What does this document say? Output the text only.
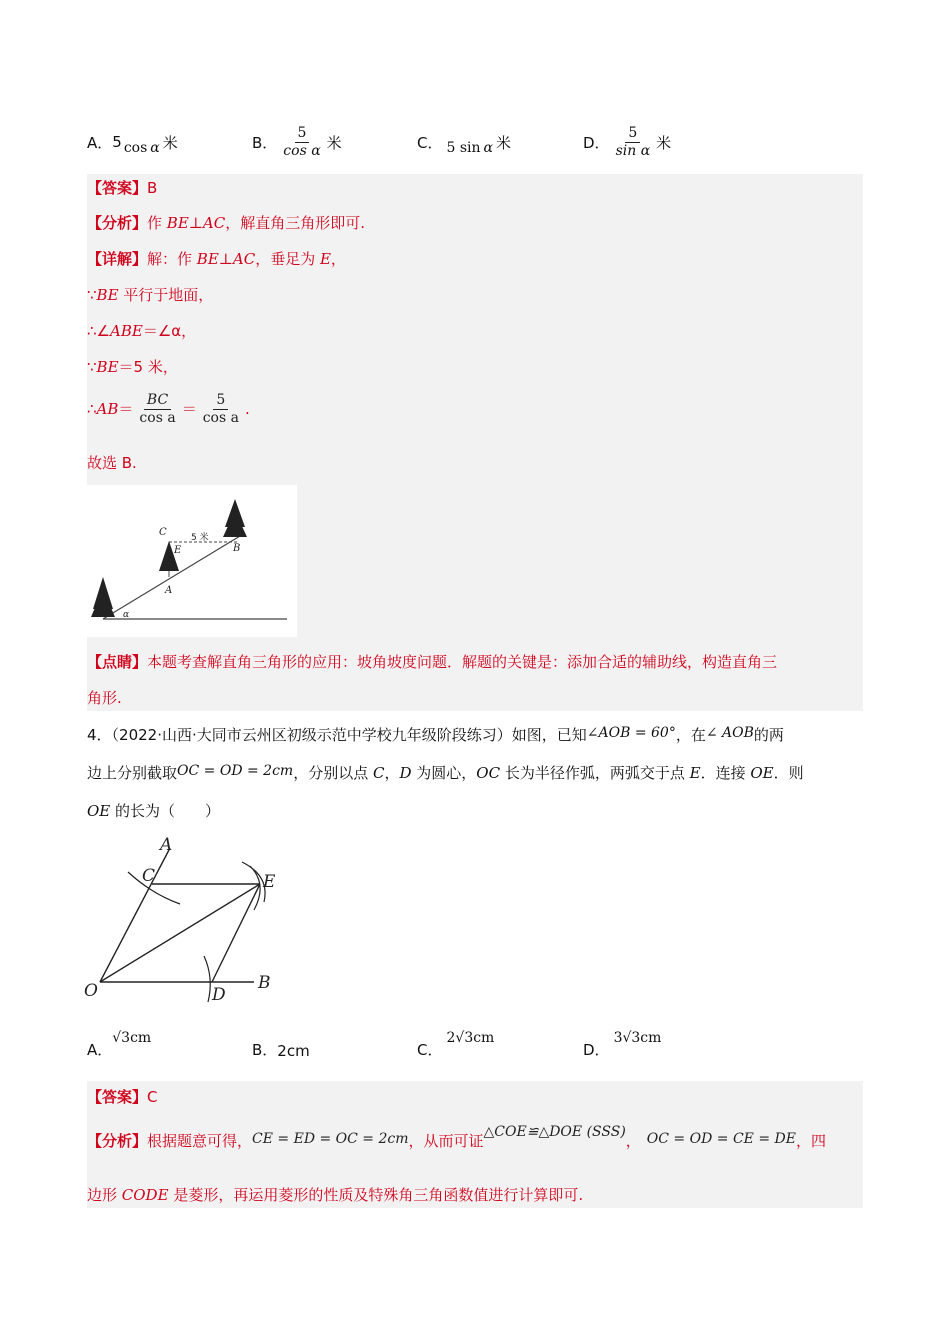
A． 5 cos α 米	B． $\frac{5}{\text{cos α}}$ 米	C． 5 sin α 米	D． $\frac{5}{\text{sin α}}$ 米
【答案】B
【分析】作 BE⊥AC，解直角三角形即可.
【详解】解：作 BE⊥AC，垂足为 E，
∵BE 平行于地面，
∴∠ABE＝∠α，
∵BE＝5 米，
∴ AB ＝ $\frac{BC}{\text{cos a}} = \frac{5}{\text{cos a}}$ .
故选 B.
C
E
5 米
B
A
α
【点睛】本题考查解直角三角形的应用：坡角坡度问题．解题的关键是：添加合适的辅助线，构造直角三
角形.
4．（2022·山西·大同市云州区初级示范中学校九年级阶段练习）如图，已知∠AOB = 60°，在∠ AOB的两
边上分别截取OC = OD = 2cm，分别以点 C，D 为圆心，OC 长为半径作弧，两弧交于点 E．连接 OE．则
OE 的长为（　　）
A
C	E
O	D
B
A．
√3cm
B． 2cm	C．
2√3cm
D．
3√3cm
【答案】C
【分析】根据题意可得，CE = ED = OC = 2cm，从而可证△COE≌△DOE (SSS)， OC = OD = CE = DE，四
边形 CODE 是菱形，再运用菱形的性质及特殊角三角函数值进行计算即可.
